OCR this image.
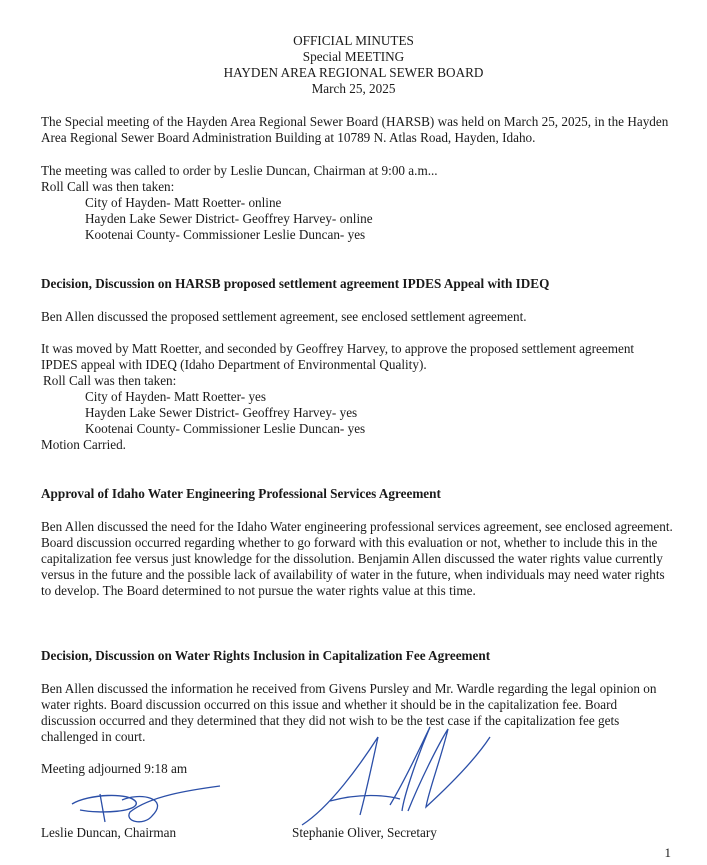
OFFICIAL MINUTES

Special MEETING

HAYDEN AREA REGIONAL SEWER BOARD

March 25, 2025

The Special meeting of the Hayden Area Regional Sewer Board (HARSB) was held on March 25, 2025, in the Hayden Area Regional Sewer Board Administration Building at 10789 N. Atlas Road, Hayden, Idaho.

The meeting was called to order by Leslie Duncan, Chairman at 9:00 a.m...

Roll Call was then taken:

City of Hayden- Matt Roetter- online
Hayden Lake Sewer District- Geoffrey Harvey- online
Kootenai County- Commissioner Leslie Duncan- yes
Decision, Discussion on HARSB proposed settlement agreement IPDES Appeal with IDEQ

Ben Allen discussed the proposed settlement agreement, see enclosed settlement agreement.

It was moved by Matt Roetter, and seconded by Geoffrey Harvey, to approve the proposed settlement agreement IPDES appeal with IDEQ (Idaho Department of Environmental Quality).

Roll Call was then taken:

City of Hayden- Matt Roetter- yes
Hayden Lake Sewer District- Geoffrey Harvey- yes
Kootenai County- Commissioner Leslie Duncan- yes

Motion Carried.

Approval of Idaho Water Engineering Professional Services Agreement

Ben Allen discussed the need for the Idaho Water engineering professional services agreement, see enclosed agreement. Board discussion occurred regarding whether to go forward with this evaluation or not, whether to include this in the capitalization fee versus just knowledge for the dissolution. Benjamin Allen discussed the water rights value currently versus in the future and the possible lack of availability of water in the future, when individuals may need water rights to develop. The Board determined to not pursue the water rights value at this time.

Decision, Discussion on Water Rights Inclusion in Capitalization Fee Agreement

Ben Allen discussed the information he received from Givens Pursley and Mr. Wardle regarding the legal opinion on water rights. Board discussion occurred on this issue and whether it should be in the capitalization fee. Board discussion occurred and they determined that they did not wish to be the test case if the capitalization fee gets challenged in court.

Meeting adjourned 9:18 am

Leslie Duncan, Chairman	Stephanie Oliver, Secretary
1
